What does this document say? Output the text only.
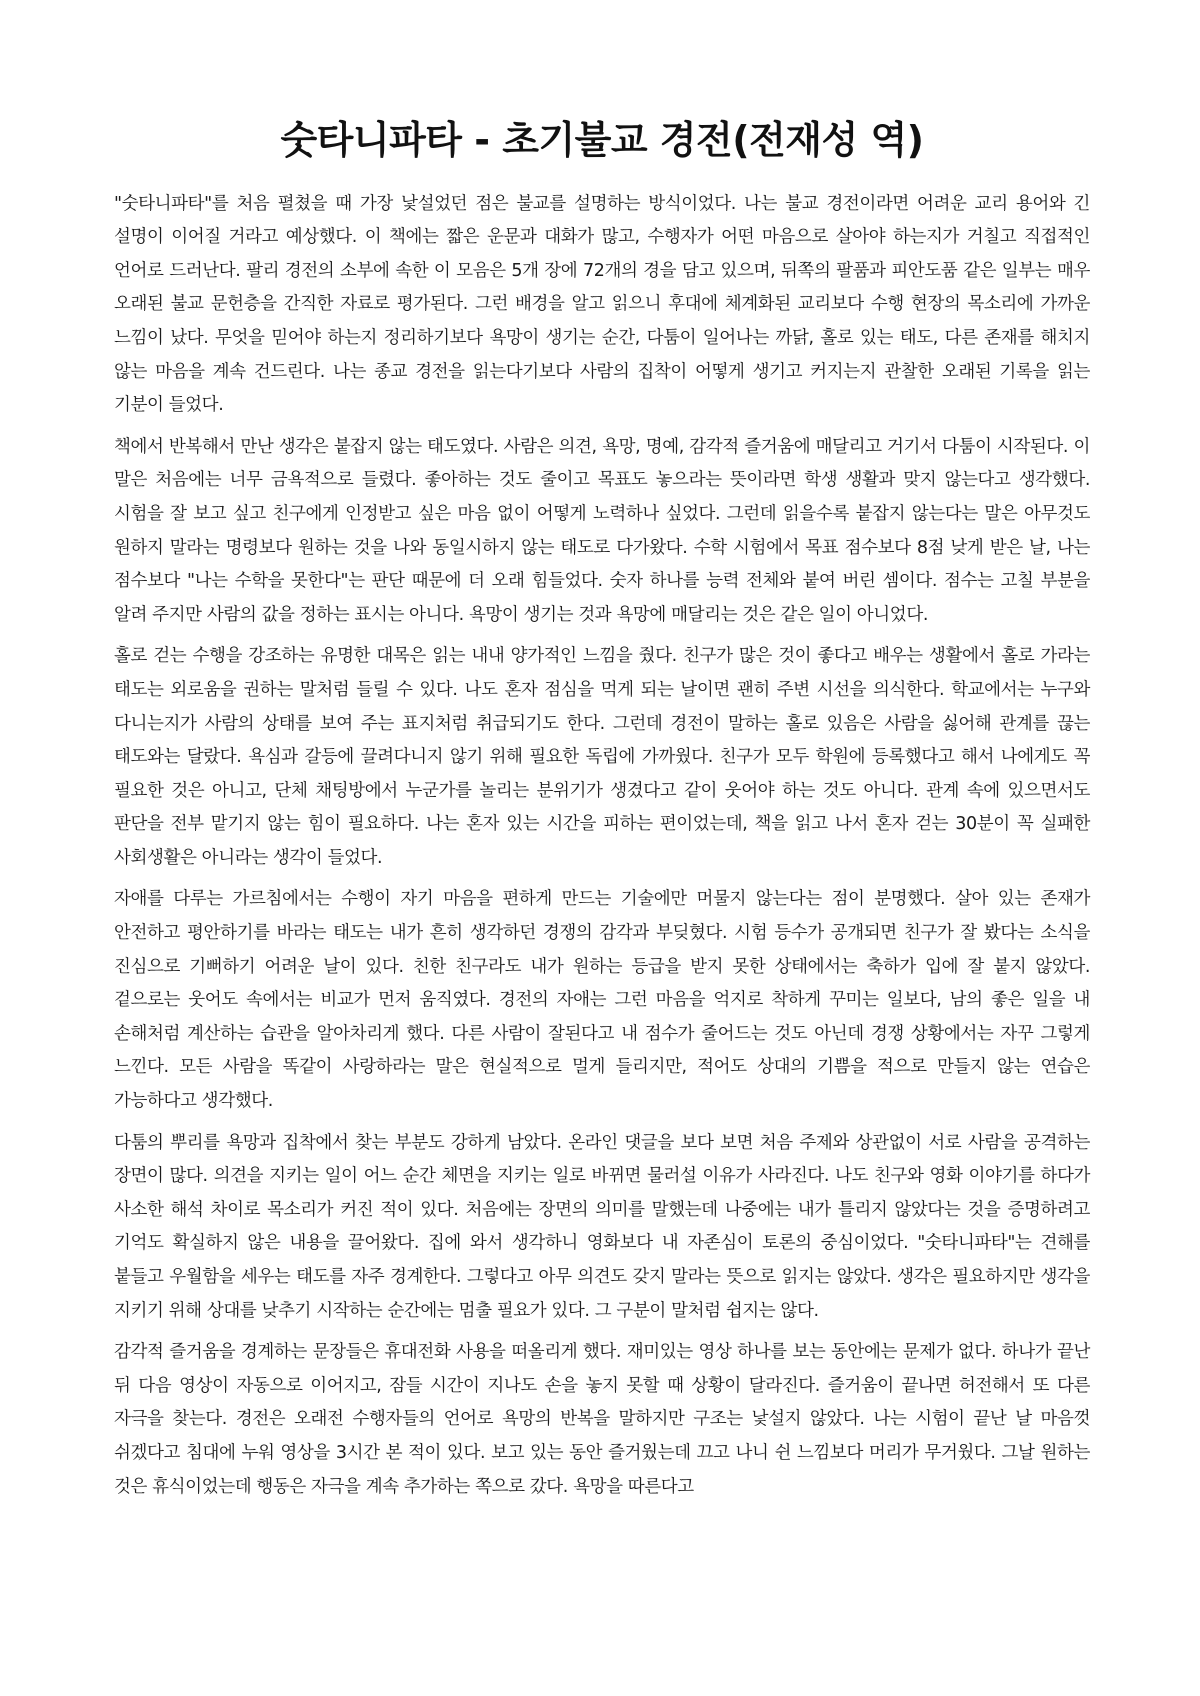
숫타니파타 - 초기불교 경전(전재성 역)

"숫타니파타"를 처음 펼쳤을 때 가장 낯설었던 점은 불교를 설명하는 방식이었다. 나는 불교 경전이라면 어려운 교리 용어와 긴 설명이 이어질 거라고 예상했다. 이 책에는 짧은 운문과 대화가 많고, 수행자가 어떤 마음으로 살아야 하는지가 거칠고 직접적인 언어로 드러난다. 팔리 경전의 소부에 속한 이 모음은 5개 장에 72개의 경을 담고 있으며, 뒤쪽의 팔품과 피안도품 같은 일부는 매우 오래된 불교 문헌층을 간직한 자료로 평가된다. 그런 배경을 알고 읽으니 후대에 체계화된 교리보다 수행 현장의 목소리에 가까운 느낌이 났다. 무엇을 믿어야 하는지 정리하기보다 욕망이 생기는 순간, 다툼이 일어나는 까닭, 홀로 있는 태도, 다른 존재를 해치지 않는 마음을 계속 건드린다. 나는 종교 경전을 읽는다기보다 사람의 집착이 어떻게 생기고 커지는지 관찰한 오래된 기록을 읽는 기분이 들었다.

책에서 반복해서 만난 생각은 붙잡지 않는 태도였다. 사람은 의견, 욕망, 명예, 감각적 즐거움에 매달리고 거기서 다툼이 시작된다. 이 말은 처음에는 너무 금욕적으로 들렸다. 좋아하는 것도 줄이고 목표도 놓으라는 뜻이라면 학생 생활과 맞지 않는다고 생각했다. 시험을 잘 보고 싶고 친구에게 인정받고 싶은 마음 없이 어떻게 노력하나 싶었다. 그런데 읽을수록 붙잡지 않는다는 말은 아무것도 원하지 말라는 명령보다 원하는 것을 나와 동일시하지 않는 태도로 다가왔다. 수학 시험에서 목표 점수보다 8점 낮게 받은 날, 나는 점수보다 "나는 수학을 못한다"는 판단 때문에 더 오래 힘들었다. 숫자 하나를 능력 전체와 붙여 버린 셈이다. 점수는 고칠 부분을 알려 주지만 사람의 값을 정하는 표시는 아니다. 욕망이 생기는 것과 욕망에 매달리는 것은 같은 일이 아니었다.

홀로 걷는 수행을 강조하는 유명한 대목은 읽는 내내 양가적인 느낌을 줬다. 친구가 많은 것이 좋다고 배우는 생활에서 홀로 가라는 태도는 외로움을 권하는 말처럼 들릴 수 있다. 나도 혼자 점심을 먹게 되는 날이면 괜히 주변 시선을 의식한다. 학교에서는 누구와 다니는지가 사람의 상태를 보여 주는 표지처럼 취급되기도 한다. 그런데 경전이 말하는 홀로 있음은 사람을 싫어해 관계를 끊는 태도와는 달랐다. 욕심과 갈등에 끌려다니지 않기 위해 필요한 독립에 가까웠다. 친구가 모두 학원에 등록했다고 해서 나에게도 꼭 필요한 것은 아니고, 단체 채팅방에서 누군가를 놀리는 분위기가 생겼다고 같이 웃어야 하는 것도 아니다. 관계 속에 있으면서도 판단을 전부 맡기지 않는 힘이 필요하다. 나는 혼자 있는 시간을 피하는 편이었는데, 책을 읽고 나서 혼자 걷는 30분이 꼭 실패한 사회생활은 아니라는 생각이 들었다.

자애를 다루는 가르침에서는 수행이 자기 마음을 편하게 만드는 기술에만 머물지 않는다는 점이 분명했다. 살아 있는 존재가 안전하고 평안하기를 바라는 태도는 내가 흔히 생각하던 경쟁의 감각과 부딪혔다. 시험 등수가 공개되면 친구가 잘 봤다는 소식을 진심으로 기뻐하기 어려운 날이 있다. 친한 친구라도 내가 원하는 등급을 받지 못한 상태에서는 축하가 입에 잘 붙지 않았다. 겉으로는 웃어도 속에서는 비교가 먼저 움직였다. 경전의 자애는 그런 마음을 억지로 착하게 꾸미는 일보다, 남의 좋은 일을 내 손해처럼 계산하는 습관을 알아차리게 했다. 다른 사람이 잘된다고 내 점수가 줄어드는 것도 아닌데 경쟁 상황에서는 자꾸 그렇게 느낀다. 모든 사람을 똑같이 사랑하라는 말은 현실적으로 멀게 들리지만, 적어도 상대의 기쁨을 적으로 만들지 않는 연습은 가능하다고 생각했다.

다툼의 뿌리를 욕망과 집착에서 찾는 부분도 강하게 남았다. 온라인 댓글을 보다 보면 처음 주제와 상관없이 서로 사람을 공격하는 장면이 많다. 의견을 지키는 일이 어느 순간 체면을 지키는 일로 바뀌면 물러설 이유가 사라진다. 나도 친구와 영화 이야기를 하다가 사소한 해석 차이로 목소리가 커진 적이 있다. 처음에는 장면의 의미를 말했는데 나중에는 내가 틀리지 않았다는 것을 증명하려고 기억도 확실하지 않은 내용을 끌어왔다. 집에 와서 생각하니 영화보다 내 자존심이 토론의 중심이었다. "숫타니파타"는 견해를 붙들고 우월함을 세우는 태도를 자주 경계한다. 그렇다고 아무 의견도 갖지 말라는 뜻으로 읽지는 않았다. 생각은 필요하지만 생각을 지키기 위해 상대를 낮추기 시작하는 순간에는 멈출 필요가 있다. 그 구분이 말처럼 쉽지는 않다.

감각적 즐거움을 경계하는 문장들은 휴대전화 사용을 떠올리게 했다. 재미있는 영상 하나를 보는 동안에는 문제가 없다. 하나가 끝난 뒤 다음 영상이 자동으로 이어지고, 잠들 시간이 지나도 손을 놓지 못할 때 상황이 달라진다. 즐거움이 끝나면 허전해서 또 다른 자극을 찾는다. 경전은 오래전 수행자들의 언어로 욕망의 반복을 말하지만 구조는 낯설지 않았다. 나는 시험이 끝난 날 마음껏 쉬겠다고 침대에 누워 영상을 3시간 본 적이 있다. 보고 있는 동안 즐거웠는데 끄고 나니 쉰 느낌보다 머리가 무거웠다. 그날 원하는 것은 휴식이었는데 행동은 자극을 계속 추가하는 쪽으로 갔다. 욕망을 따른다고
